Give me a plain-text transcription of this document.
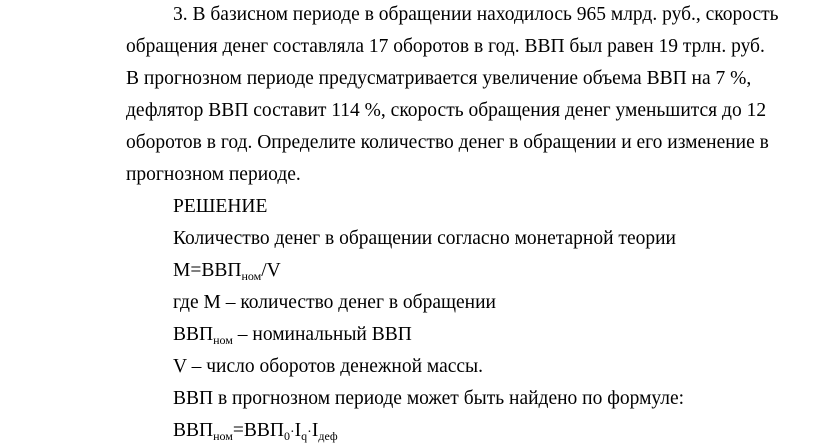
3. В базисном периоде в обращении находилось 965 млрд. руб., скорость
обращения денег составляла 17 оборотов в год. ВВП был равен 19 трлн. руб.
В прогнозном периоде предусматривается увеличение объема ВВП на 7 %,
дефлятор ВВП составит 114 %, скорость обращения денег уменьшится до 12
оборотов в год. Определите количество денег в обращении и его изменение в
прогнозном периоде.
РЕШЕНИЕ
Количество денег в обращении согласно монетарной теории
$М=ВВП_{ном}/V$
где М – количество денег в обращении
$ВВП_{ном}$ – номинальный ВВП
V – число оборотов денежной массы.
ВВП в прогнозном периоде может быть найдено по формуле:
$ВВП_{ном}=ВВП_0\cdot I_q\cdot I_{деф}$
